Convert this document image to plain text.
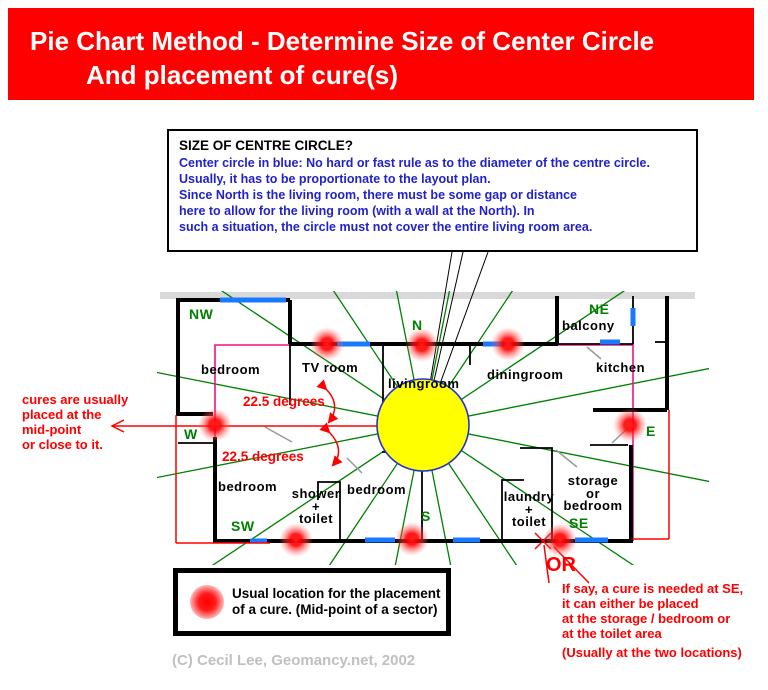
Pie Chart Method - Determine Size of Center Circle
And placement of cure(s)
SIZE OF CENTRE CIRCLE?
Center circle in blue: No hard or fast rule as to the diameter of the centre circle.
Usually, it has to be proportionate to the layout plan.
Since North is the living room, there must be some gap or distance
here to allow for the living room (with a wall at the North). In
such a situation, the circle must not cover the entire living room area.
NW
N
NE
W	E
SW
S	SE
bedroom	TV room
livingroom
diningroom	kitchen
balcony
bedroom	bedroom
shower
+
toilet
laundry
+
toilet
storage
or
bedroom
cures are usually
placed at the
mid-point
or close to it.
22.5 degrees
22.5 degrees
OR
If say, a cure is needed at SE,
it can either be placed
at the storage / bedroom or
at the toilet area
(Usually at the two locations)
Usual location for the placement
of a cure. (Mid-point of a sector)
(C) Cecil Lee, Geomancy.net, 2002
